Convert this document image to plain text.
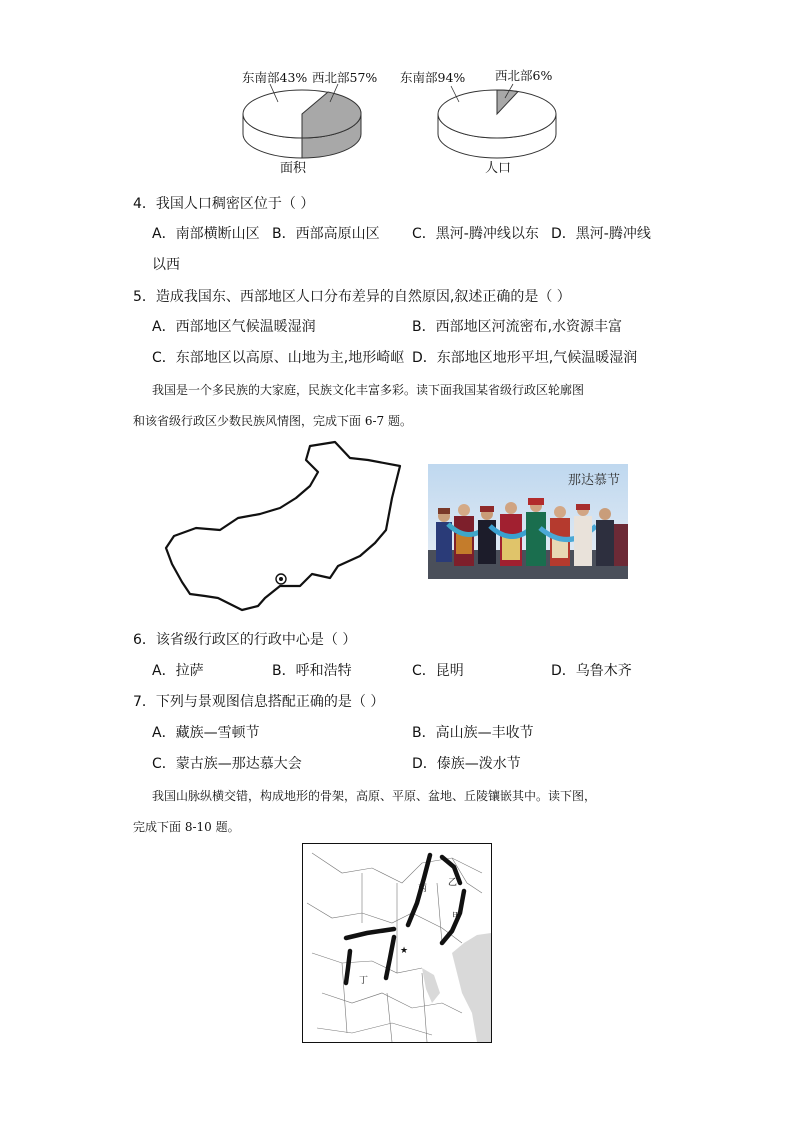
东南部43% 西北部57%
面积
东南部94% 西北部6%
人口
4．我国人口稠密区位于（ ）
A．南部横断山区 B．西部高原山区 C．黑河-腾冲线以东 D．黑河-腾冲线
以西
5．造成我国东、西部地区人口分布差异的自然原因,叙述正确的是（ ）
A．西部地区气候温暖湿润	B．西部地区河流密布,水资源丰富
C．东部地区以高原、山地为主,地形崎岖 D．东部地区地形平坦,气候温暖湿润
我国是一个多民族的大家庭，民族文化丰富多彩。读下面我国某省级行政区轮廓图
和该省级行政区少数民族风情图，完成下面 6-7 题。
那达慕节
6．该省级行政区的行政中心是（ ）
A．拉萨	B．呼和浩特	C．昆明	D．乌鲁木齐
7．下列与景观图信息搭配正确的是（ ）
A．藏族—雪顿节	B．高山族—丰收节
C．蒙古族—那达慕大会	D．傣族—泼水节
我国山脉纵横交错，构成地形的骨架，高原、平原、盆地、丘陵镶嵌其中。读下图，
完成下面 8-10 题。
乙
丙
甲
丁
★
